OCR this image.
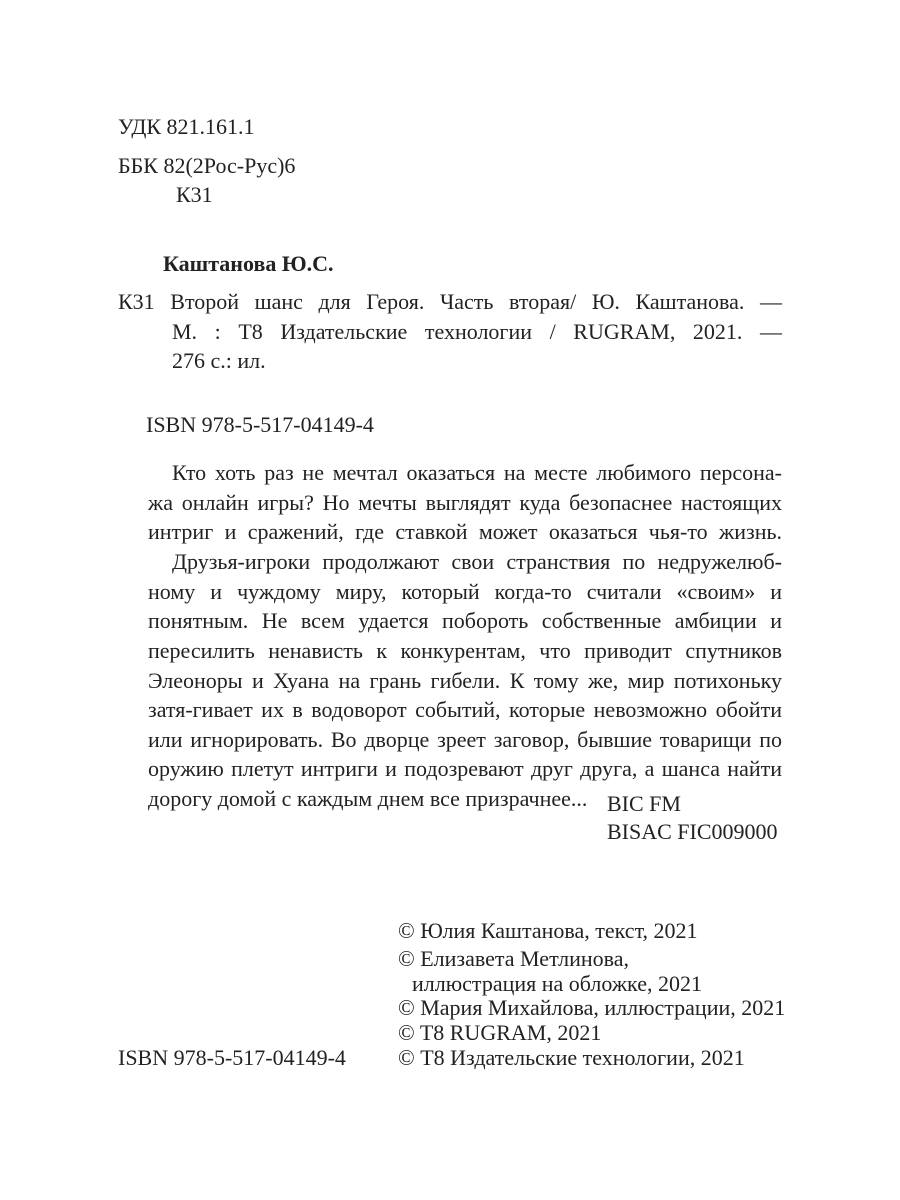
УДК 821.161.1
ББК 82(2Рос-Рус)6
К31
Каштанова Ю.С.
К31 Второй шанс для Героя. Часть вторая/ Ю. Каштанова. —
М. : Т8 Издательские технологии / RUGRAM, 2021. —
276 с.: ил.
ISBN 978-5-517-04149-4
Кто хоть раз не мечтал оказаться на месте любимого персона-
жа онлайн игры? Но мечты выглядят куда безопаснее настоящих
интриг и сражений, где ставкой может оказаться чья-то жизнь.
Друзья-игроки продолжают свои странствия по недружелюб-
ному и чуждому миру, который когда-то считали «своим» и
понятным. Не всем удается побороть собственные амбиции и
пересилить ненависть к конкурентам, что приводит спутников
Элеоноры и Хуана на грань гибели. К тому же, мир потихоньку
затя-гивает их в водоворот событий, которые невозможно обойти
или игнорировать. Во дворце зреет заговор, бывшие товарищи по
оружию плетут интриги и подозревают друг друга, а шанса найти
дорогу домой с каждым днем все призрачнее... BIC FM
BISAC FIC009000
© Юлия Каштанова, текст, 2021
© Елизавета Метлинова,
иллюстрация на обложке, 2021
© Мария Михайлова, иллюстрации, 2021
© T8 RUGRAM, 2021
© Т8 Издательские технологии, 2021
ISBN 978-5-517-04149-4
